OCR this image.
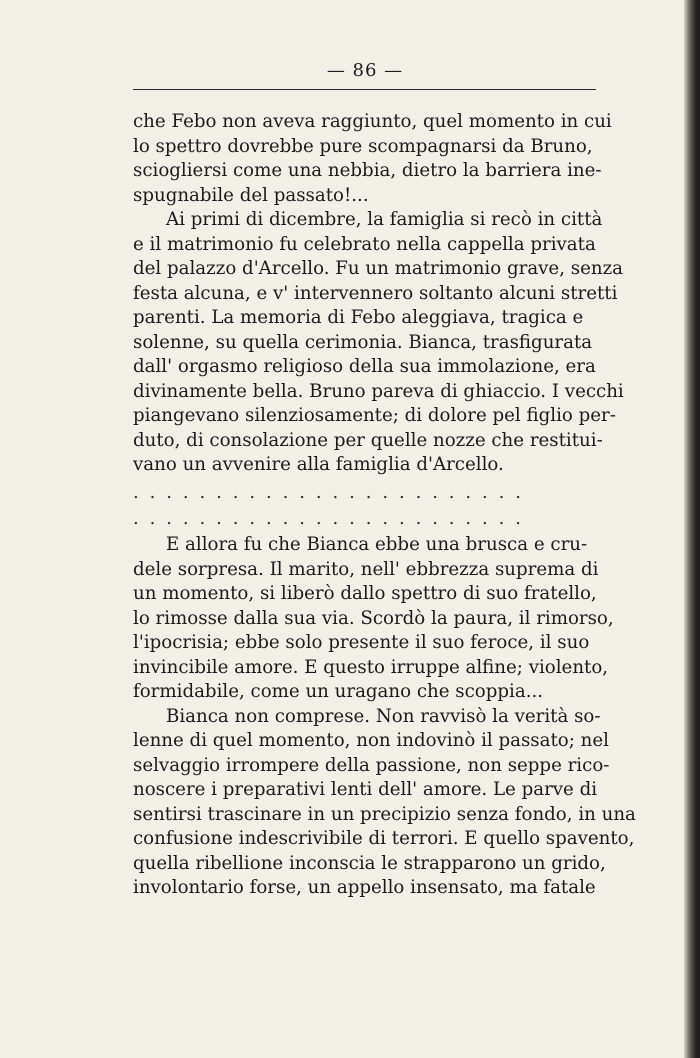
— 86 —
che Febo non aveva raggiunto, quel momento in cui
lo spettro dovrebbe pure scompagnarsi da Bruno,
sciogliersi come una nebbia, dietro la barriera ine-
spugnabile del passato!...
Ai primi di dicembre, la famiglia si recò in città
e il matrimonio fu celebrato nella cappella privata
del palazzo d'Arcello. Fu un matrimonio grave, senza
festa alcuna, e v' intervennero soltanto alcuni stretti
parenti. La memoria di Febo aleggiava, tragica e
solenne, su quella cerimonia. Bianca, trasfigurata
dall' orgasmo religioso della sua immolazione, era
divinamente bella. Bruno pareva di ghiaccio. I vecchi
piangevano silenziosamente; di dolore pel figlio per-
duto, di consolazione per quelle nozze che restitui-
vano un avvenire alla famiglia d'Arcello.
........................
........................
E allora fu che Bianca ebbe una brusca e cru-
dele sorpresa. Il marito, nell' ebbrezza suprema di
un momento, si liberò dallo spettro di suo fratello,
lo rimosse dalla sua via. Scordò la paura, il rimorso,
l'ipocrisia; ebbe solo presente il suo feroce, il suo
invincibile amore. E questo irruppe alfine; violento,
formidabile, come un uragano che scoppia...
Bianca non comprese. Non ravvisò la verità so-
lenne di quel momento, non indovinò il passato; nel
selvaggio irrompere della passione, non seppe rico-
noscere i preparativi lenti dell' amore. Le parve di
sentirsi trascinare in un precipizio senza fondo, in una
confusione indescrivibile di terrori. E quello spavento,
quella ribellione inconscia le strapparono un grido,
involontario forse, un appello insensato, ma fatale
